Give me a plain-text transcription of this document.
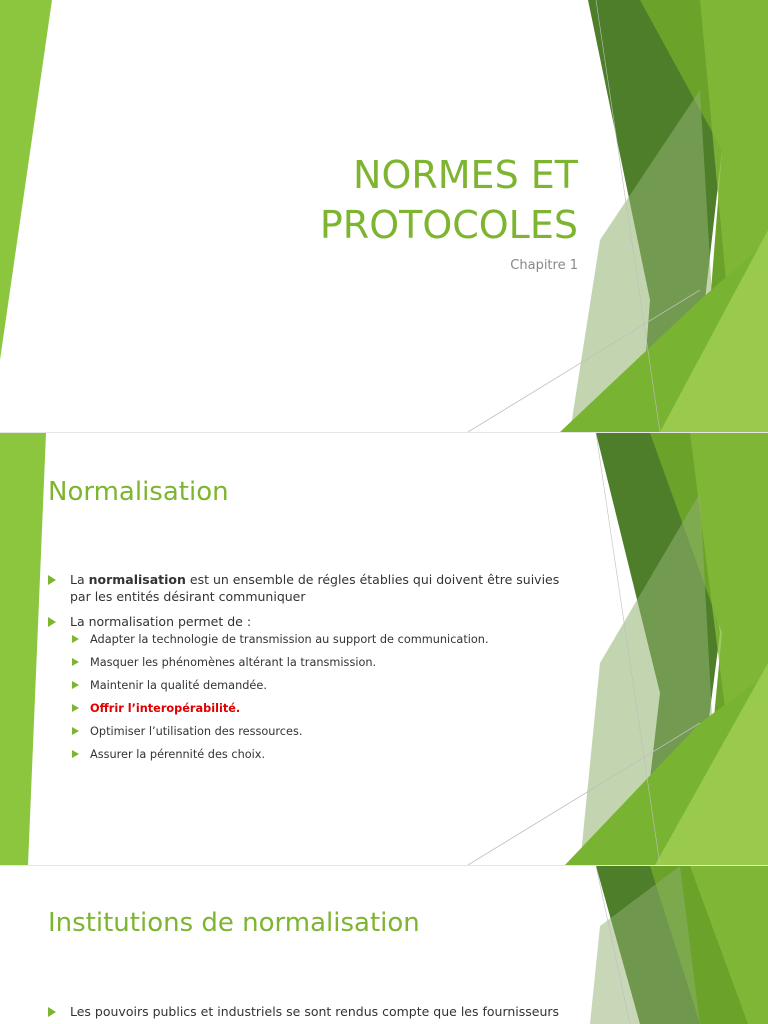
NORMES ET
PROTOCOLES
Chapitre 1
Normalisation
La normalisation est un ensemble de régles établies qui doivent être suivies par les entités désirant communiquer
La normalisation permet de :
Adapter la technologie de transmission au support de communication.
Masquer les phénomènes altérant la transmission.
Maintenir la qualité demandée.
Offrir l’interopérabilité.
Optimiser l’utilisation des ressources.
Assurer la pérennité des choix.
Institutions de normalisation
Les pouvoirs publics et industriels se sont rendus compte que les fournisseurs
